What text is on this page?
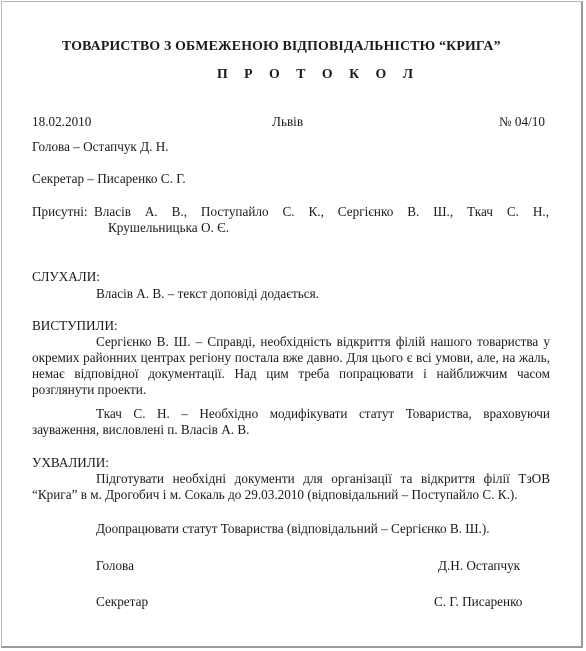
ТОВАРИСТВО З ОБМЕЖЕНОЮ ВІДПОВІДАЛЬНІСТЮ “КРИГА”
П Р О Т О К О Л
18.02.2010	Львів	№ 04/10
Голова – Остапчук Д. Н.
Секретар – Писаренко С. Г.
Присутні: Власів А. В., Поступайло С. К., Сергієнко В. Ш., Ткач С. Н.,
Крушельницька О. Є.
СЛУХАЛИ:
Власів А. В. – текст доповіді додається.
ВИСТУПИЛИ:
Сергієнко В. Ш. – Справді, необхідність відкриття філій нашого товариства у окремих районних центрах регіону постала вже давно. Для цього є всі умови, але, на жаль, немає відповідної документації. Над цим треба попрацювати і найближчим часом розглянути проекти.
Ткач С. Н. – Необхідно модифікувати статут Товариства, враховуючи зауваження, висловлені п. Власів А. В.
УХВАЛИЛИ:
Підготувати необхідні документи для організації та відкриття філії ТзОВ “Крига” в м. Дрогобич і м. Сокаль до 29.03.2010 (відповідальний – Поступайло С. К.).
Доопрацювати статут Товариства (відповідальний – Сергієнко В. Ш.).
Голова	Д.Н. Остапчук
Секретар	С. Г. Писаренко
